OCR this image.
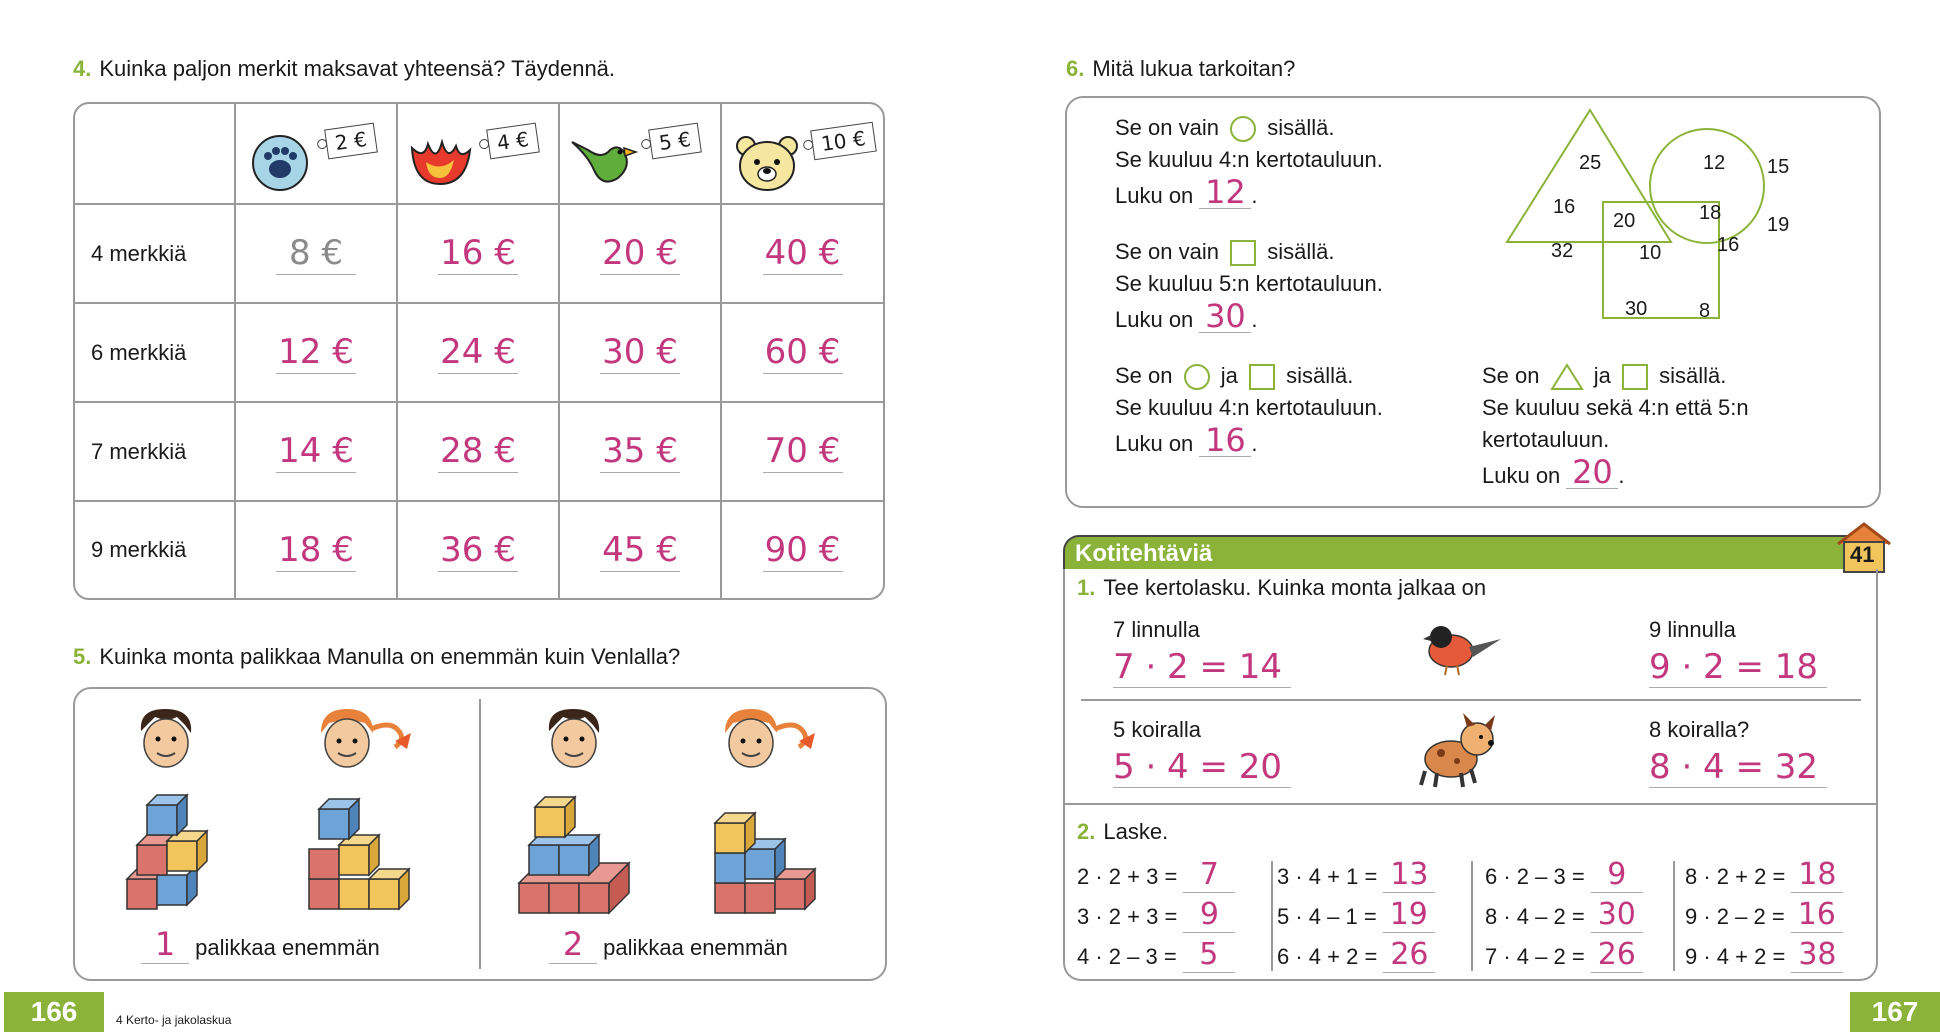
4. Kuinka paljon merkit maksavat yhteensä? Täydennä.

	2 €	4 €	5 €	10 €

4 merkkiä	8 €	16 €	20 €	40 €
6 merkkiä	12 €	24 €	30 €	60 €
7 merkkiä	14 €	28 €	35 €	70 €
9 merkkiä	18 €	36 €	45 €	90 €
5. Kuinka monta palikkaa Manulla on enemmän kuin Venlalla?
1 palikkaa enemmän	2 palikkaa enemmän
166	4 Kerto- ja jakolaskua
6. Mitä lukua tarkoitan?
Se on vain sisällä.
Se kuuluu 4:n kertotauluun.
Luku on 12 .
Se on vain sisällä.
Se kuuluu 5:n kertotauluun.
Luku on 30 .
Se on ja sisällä.
Se kuuluu 4:n kertotauluun.
Luku on 16 .
Se on ja sisällä.
Se kuuluu sekä 4:n että 5:n
kertotauluun.
Luku on 20 .
25
16
32
20
10
30	8
18
16
12 15
19
Kotitehtäviä	41
1. Tee kertolasku. Kuinka monta jalkaa on
7 linnulla
7 · 2 = 14
9 linnulla
9 · 2 = 18
5 koiralla
5 · 4 = 20
8 koiralla?
8 · 4 = 32
2. Laske.
2 · 2 + 3 = 7
3 · 2 + 3 = 9
4 · 2 – 3 = 5
3 · 4 + 1 = 13
5 · 4 – 1 = 19
6 · 4 + 2 = 26
6 · 2 – 3 = 9
8 · 4 – 2 = 30
7 · 4 – 2 = 26
8 · 2 + 2 = 18
9 · 2 – 2 = 16
9 · 4 + 2 = 38
167
